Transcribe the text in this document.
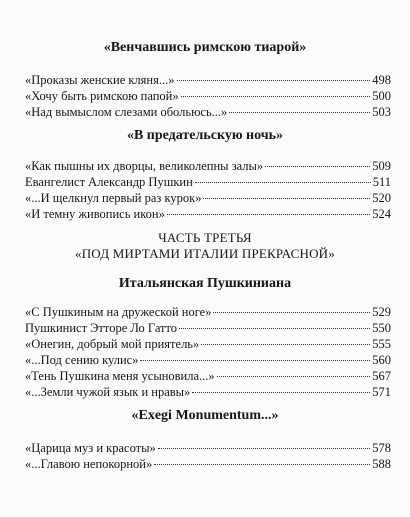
«Венчавшись римскою тиарой»
«Проказы женские кляня...»	498
«Хочу быть римскою папой»	500
«Над вымыслом слезами обольюсь...»	503
«В предательскую ночь»
«Как пышны их дворцы, великолепны залы»	509
Евангелист Александр Пушкин	511
«...И щелкнул первый раз курок»	520
«И темну живопись икон»	524
ЧАСТЬ ТРЕТЬЯ
«ПОД МИРТАМИ ИТАЛИИ ПРЕКРАСНОЙ»
Итальянская Пушкиниана
«С Пушкиным на дружеской ноге»	529
Пушкинист Этторе Ло Гатто	550
«Онегин, добрый мой приятель»	555
«...Под сению кулис»	560
«Тень Пушкина меня усыновила...»	567
«...Земли чужой язык и нравы»	571
«Exegi Monumentum...»
«Царица муз и красоты»	578
«...Главою непокорной»	588
